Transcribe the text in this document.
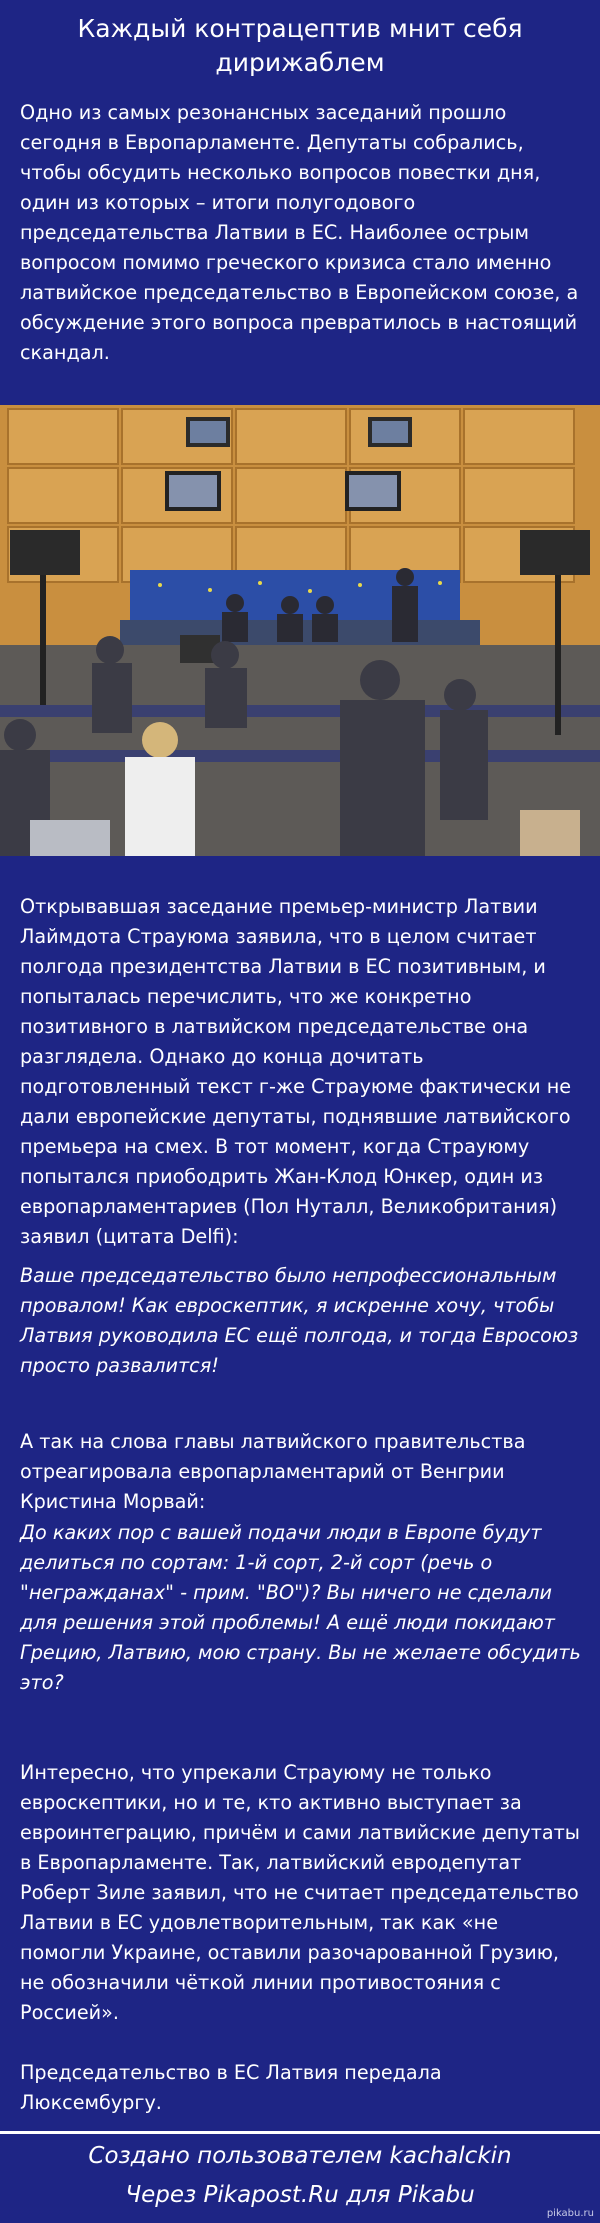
Каждый контрацептив мнит себя дирижаблем

Одно из самых резонансных заседаний прошло сегодня в Европарламенте. Депутаты собрались, чтобы обсудить несколько вопросов повестки дня, один из которых – итоги полугодового председательства Латвии в ЕС. Наиболее острым вопросом помимо греческого кризиса стало именно латвийское председательство в Европейском союзе, а обсуждение этого вопроса превратилось в настоящий скандал.

Открывавшая заседание премьер-министр Латвии Лаймдота Страуюма заявила, что в целом считает полгода президентства Латвии в ЕС позитивным, и попыталась перечислить, что же конкретно позитивного в латвийском председательстве она разглядела. Однако до конца дочитать подготовленный текст г-же Страуюме фактически не дали европейские депутаты, поднявшие латвийского премьера на смех. В тот момент, когда Страуюму попытался приободрить Жан-Клод Юнкер, один из европарламентариев (Пол Нуталл, Великобритания) заявил (цитата Delfi):

Ваше председательство было непрофессиональным провалом! Как евроскептик, я искренне хочу, чтобы Латвия руководила ЕС ещё полгода, и тогда Евросоюз просто развалится!

А так на слова главы латвийского правительства отреагировала европарламентарий от Венгрии Кристина Морвай:

До каких пор с вашей подачи люди в Европе будут делиться по сортам: 1-й сорт, 2-й сорт (речь о "негражданах" - прим. "ВО")? Вы ничего не сделали для решения этой проблемы! А ещё люди покидают Грецию, Латвию, мою страну. Вы не желаете обсудить это?

Интересно, что упрекали Страуюму не только евроскептики, но и те, кто активно выступает за евроинтеграцию, причём и сами латвийские депутаты в Европарламенте. Так, латвийский евродепутат Роберт Зиле заявил, что не считает председательство Латвии в ЕС удовлетворительным, так как «не помогли Украине, оставили разочарованной Грузию, не обозначили чёткой линии противостояния с Россией».

Председательство в ЕС Латвия передала Люксембургу.

Создано пользователем kachalckin

Через Pikapost.Ru для Pikabu

pikabu.ru
